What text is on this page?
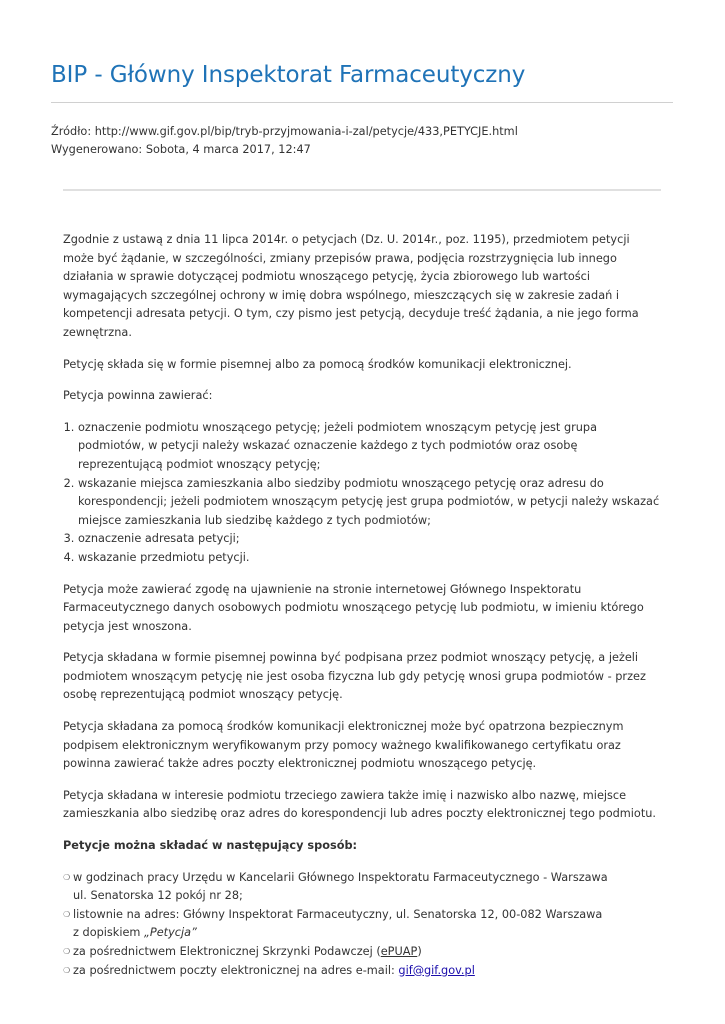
BIP - Główny Inspektorat Farmaceutyczny
Źródło: http://www.gif.gov.pl/bip/tryb-przyjmowania-i-zal/petycje/433,PETYCJE.html
Wygenerowano: Sobota, 4 marca 2017, 12:47

Zgodnie z ustawą z dnia 11 lipca 2014r. o petycjach (Dz. U. 2014r., poz. 1195), przedmiotem petycji może być żądanie, w szczególności, zmiany przepisów prawa, podjęcia rozstrzygnięcia lub innego działania w sprawie dotyczącej podmiotu wnoszącego petycję, życia zbiorowego lub wartości wymagających szczególnej ochrony w imię dobra wspólnego, mieszczących się w zakresie zadań i kompetencji adresata petycji. O tym, czy pismo jest petycją, decyduje treść żądania, a nie jego forma zewnętrzna.

Petycję składa się w formie pisemnej albo za pomocą środków komunikacji elektronicznej.

Petycja powinna zawierać:

1. oznaczenie podmiotu wnoszącego petycję; jeżeli podmiotem wnoszącym petycję jest grupa podmiotów, w petycji należy wskazać oznaczenie każdego z tych podmiotów oraz osobę reprezentującą podmiot wnoszący petycję;
2. wskazanie miejsca zamieszkania albo siedziby podmiotu wnoszącego petycję oraz adresu do korespondencji; jeżeli podmiotem wnoszącym petycję jest grupa podmiotów, w petycji należy wskazać miejsce zamieszkania lub siedzibę każdego z tych podmiotów;
3. oznaczenie adresata petycji;
4. wskazanie przedmiotu petycji.

Petycja może zawierać zgodę na ujawnienie na stronie internetowej Głównego Inspektoratu Farmaceutycznego danych osobowych podmiotu wnoszącego petycję lub podmiotu, w imieniu którego petycja jest wnoszona.

Petycja składana w formie pisemnej powinna być podpisana przez podmiot wnoszący petycję, a jeżeli podmiotem wnoszącym petycję nie jest osoba fizyczna lub gdy petycję wnosi grupa podmiotów - przez osobę reprezentującą podmiot wnoszący petycję.

Petycja składana za pomocą środków komunikacji elektronicznej może być opatrzona bezpiecznym podpisem elektronicznym weryfikowanym przy pomocy ważnego kwalifikowanego certyfikatu oraz powinna zawierać także adres poczty elektronicznej podmiotu wnoszącego petycję.

Petycja składana w interesie podmiotu trzeciego zawiera także imię i nazwisko albo nazwę, miejsce zamieszkania albo siedzibę oraz adres do korespondencji lub adres poczty elektronicznej tego podmiotu.

Petycje można składać w następujący sposób:

❍ w godzinach pracy Urzędu w Kancelarii Głównego Inspektoratu Farmaceutycznego - Warszawa
ul. Senatorska 12 pokój nr 28;
❍ listownie na adres: Główny Inspektorat Farmaceutyczny, ul. Senatorska 12, 00-082 Warszawa
z dopiskiem „Petycja”
❍ za pośrednictwem Elektronicznej Skrzynki Podawczej (ePUAP)
❍ za pośrednictwem poczty elektronicznej na adres e-mail: gif@gif.gov.pl
